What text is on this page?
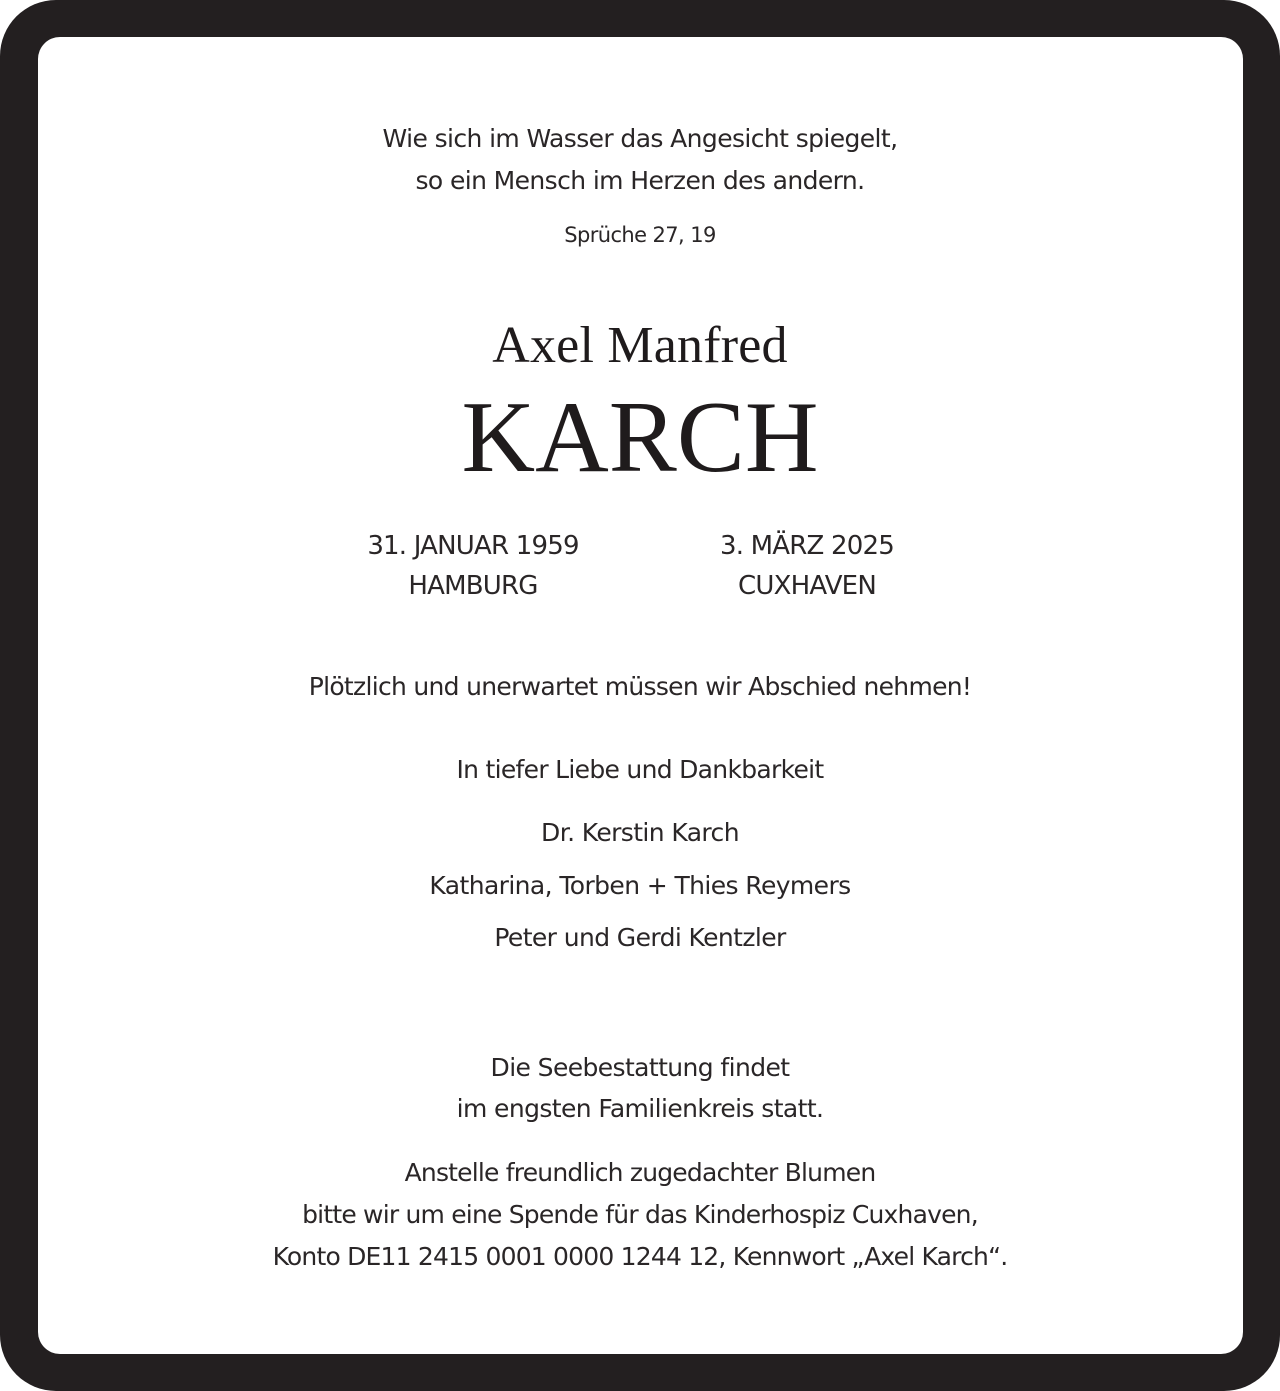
Wie sich im Wasser das Angesicht spiegelt,
so ein Mensch im Herzen des andern.
Sprüche 27, 19
Axel Manfred
KARCH
31. JANUAR 1959
HAMBURG
3. MÄRZ 2025
CUXHAVEN
Plötzlich und unerwartet müssen wir Abschied nehmen!
In tiefer Liebe und Dankbarkeit
Dr. Kerstin Karch
Katharina, Torben + Thies Reymers
Peter und Gerdi Kentzler
Die Seebestattung findet
im engsten Familienkreis statt.
Anstelle freundlich zugedachter Blumen
bitte wir um eine Spende für das Kinderhospiz Cuxhaven,
Konto DE11 2415 0001 0000 1244 12, Kennwort „Axel Karch“.
